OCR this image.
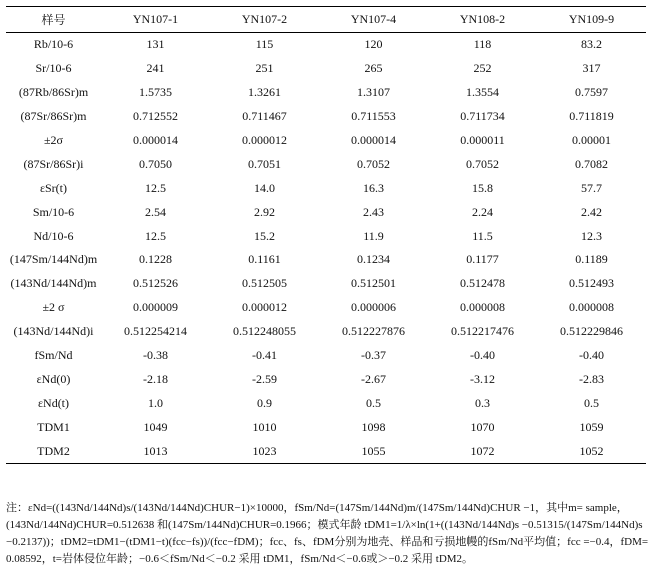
样号	YN107-1	YN107-2	YN107-4	YN108-2	YN109-9

Rb/10-6	131	115	120	118	83.2
Sr/10-6	241	251	265	252	317
(87Rb/86Sr)m	1.5735	1.3261	1.3107	1.3554	0.7597
(87Sr/86Sr)m	0.712552	0.711467	0.711553	0.711734	0.711819
±2σ	0.000014	0.000012	0.000014	0.000011	0.00001
(87Sr/86Sr)i	0.7050	0.7051	0.7052	0.7052	0.7082
εSr(t)	12.5	14.0	16.3	15.8	57.7
Sm/10-6	2.54	2.92	2.43	2.24	2.42
Nd/10-6	12.5	15.2	11.9	11.5	12.3
(147Sm/144Nd)m	0.1228	0.1161	0.1234	0.1177	0.1189
(143Nd/144Nd)m	0.512526	0.512505	0.512501	0.512478	0.512493
±2 σ	0.000009	0.000012	0.000006	0.000008	0.000008
(143Nd/144Nd)i	0.512254214	0.512248055	0.512227876	0.512217476	0.512229846
fSm/Nd	-0.38	-0.41	-0.37	-0.40	-0.40
εNd(0)	-2.18	-2.59	-2.67	-3.12	-2.83
εNd(t)	1.0	0.9	0.5	0.3	0.5
TDM1	1049	1010	1098	1070	1059
TDM2	1013	1023	1055	1072	1052
注：εNd=((143Nd/144Nd)s/(143Nd/144Nd)CHUR−1)×10000，fSm/Nd=(147Sm/144Nd)m/(147Sm/144Nd)CHUR −1，其中m= sample，
(143Nd/144Nd)CHUR=0.512638 和(147Sm/144Nd)CHUR=0.1966；模式年龄 tDM1=1/λ×ln(1+((143Nd/144Nd)s −0.51315/(147Sm/144Nd)s
−0.2137))；tDM2=tDM1−(tDM1−t)(fcc−fs))/(fcc−fDM)；fcc、fs、fDM分别为地壳、样品和亏损地幔的fSm/Nd平均值；fcc =−0.4，fDM=
0.08592，t=岩体侵位年龄；−0.6＜fSm/Nd＜−0.2 采用 tDM1，fSm/Nd＜−0.6或＞−0.2 采用 tDM2。
